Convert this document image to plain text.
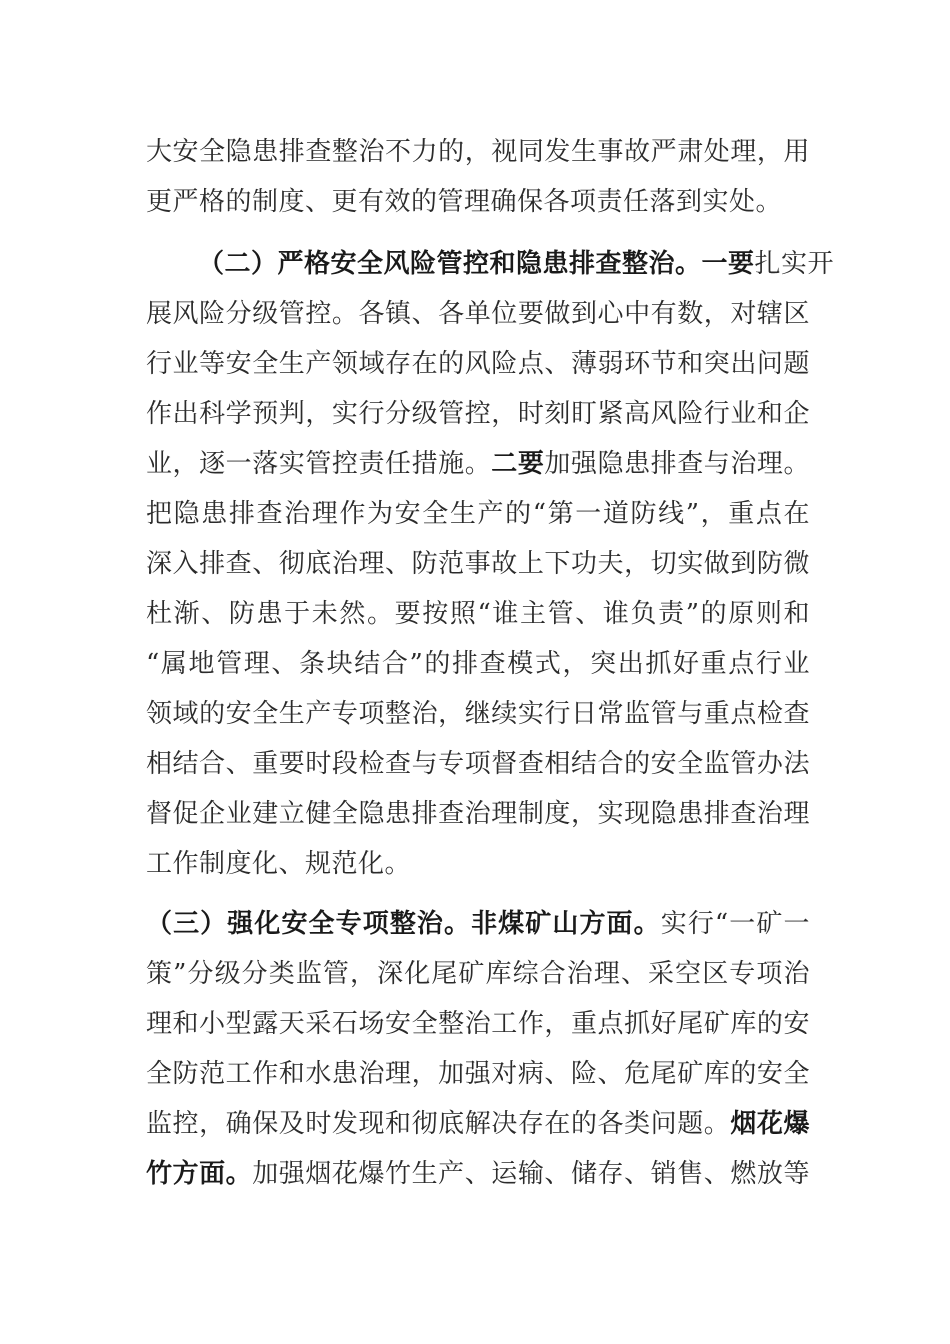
大安全隐患排查整治不力的，视同发生事故严肃处理，用
更严格的制度、更有效的管理确保各项责任落到实处。
（二）严格安全风险管控和隐患排查整治。一要扎实开
展风险分级管控。各镇、各单位要做到心中有数，对辖区
行业等安全生产领域存在的风险点、薄弱环节和突出问题
作出科学预判，实行分级管控，时刻盯紧高风险行业和企
业，逐一落实管控责任措施。二要加强隐患排查与治理。
把隐患排查治理作为安全生产的“第一道防线”，重点在
深入排查、彻底治理、防范事故上下功夫，切实做到防微
杜渐、防患于未然。要按照“谁主管、谁负责”的原则和
“属地管理、条块结合”的排查模式，突出抓好重点行业
领域的安全生产专项整治，继续实行日常监管与重点检查
相结合、重要时段检查与专项督查相结合的安全监管办法
督促企业建立健全隐患排查治理制度，实现隐患排查治理
工作制度化、规范化。
（三）强化安全专项整治。非煤矿山方面。实行“一矿一
策”分级分类监管，深化尾矿库综合治理、采空区专项治
理和小型露天采石场安全整治工作，重点抓好尾矿库的安
全防范工作和水患治理，加强对病、险、危尾矿库的安全
监控，确保及时发现和彻底解决存在的各类问题。烟花爆
竹方面。加强烟花爆竹生产、运输、储存、销售、燃放等
